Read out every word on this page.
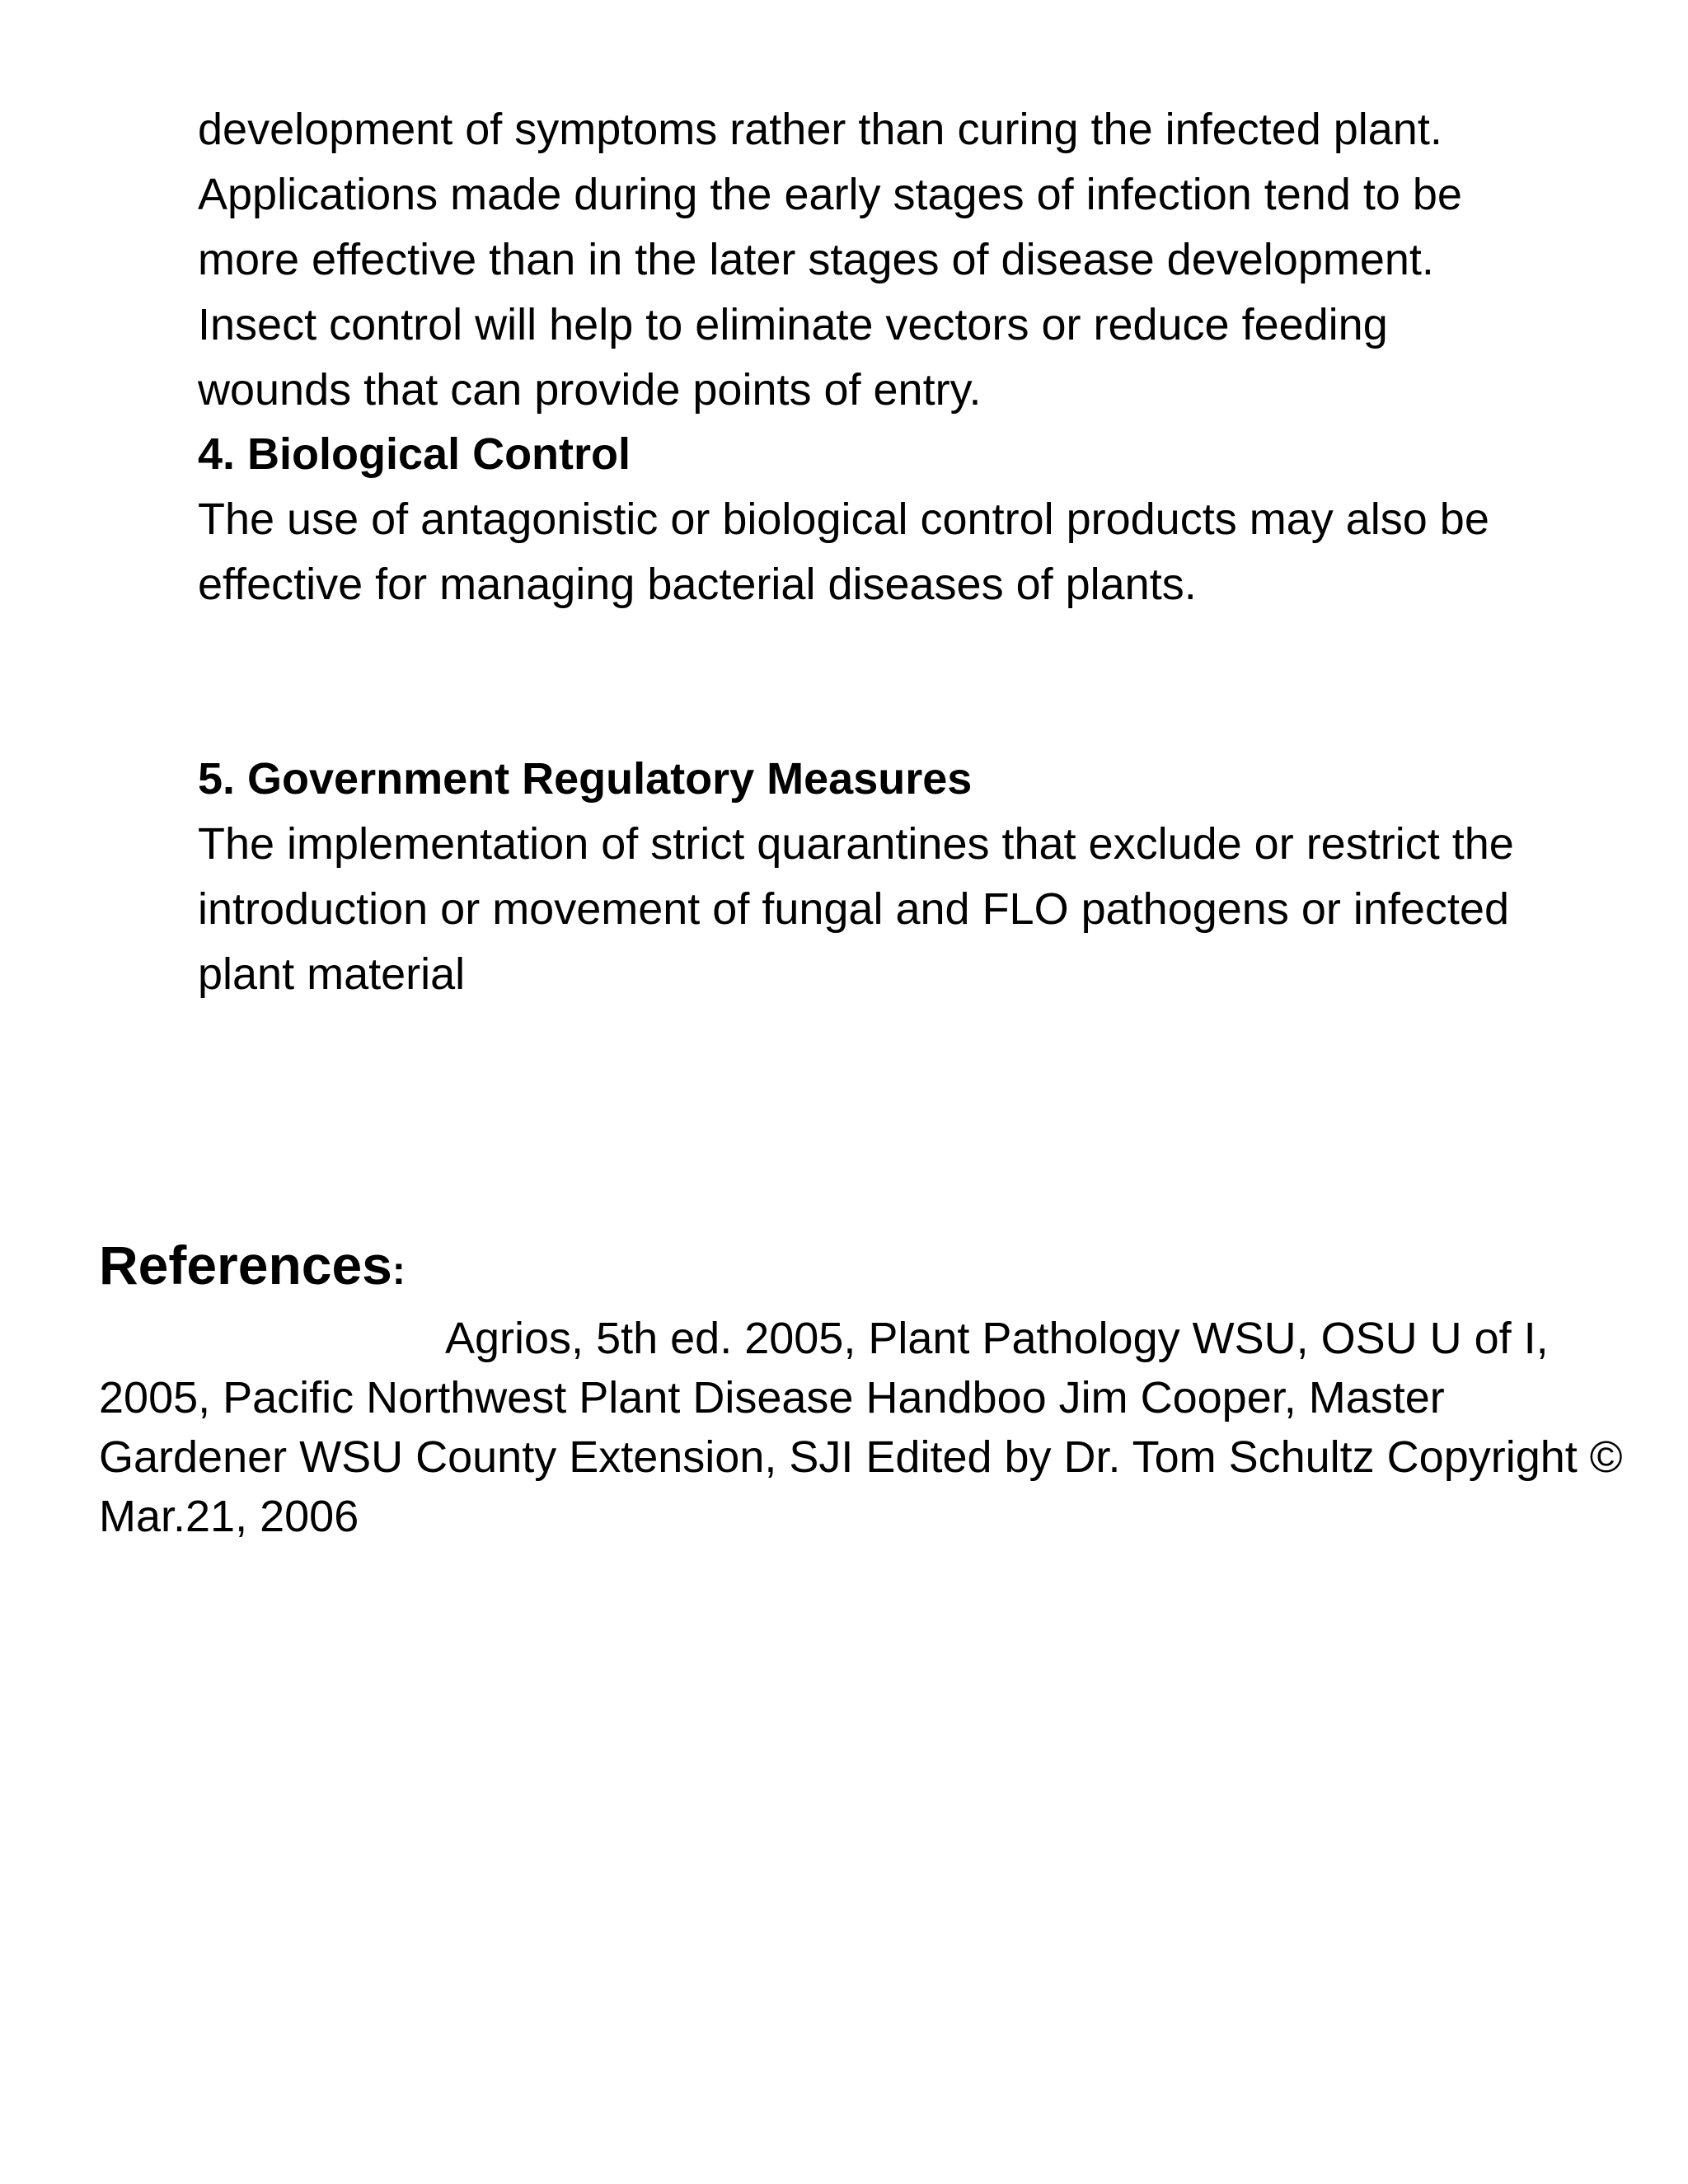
development of symptoms rather than curing the infected plant.
Applications made during the early stages of infection tend to be
more effective than in the later stages of disease development.
Insect control will help to eliminate vectors or reduce feeding
wounds that can provide points of entry.

4. Biological Control

The use of antagonistic or biological control products may also be
effective for managing bacterial diseases of plants.

5. Government Regulatory Measures

The implementation of strict quarantines that exclude or restrict the
introduction or movement of fungal and FLO pathogens or infected
plant material

References:

Agrios, 5th ed. 2005, Plant Pathology WSU, OSU U of I, 2005, Pacific Northwest Plant Disease Handboo Jim Cooper, Master Gardener WSU County Extension, SJI Edited by Dr. Tom Schultz Copyright © Mar.21, 2006
